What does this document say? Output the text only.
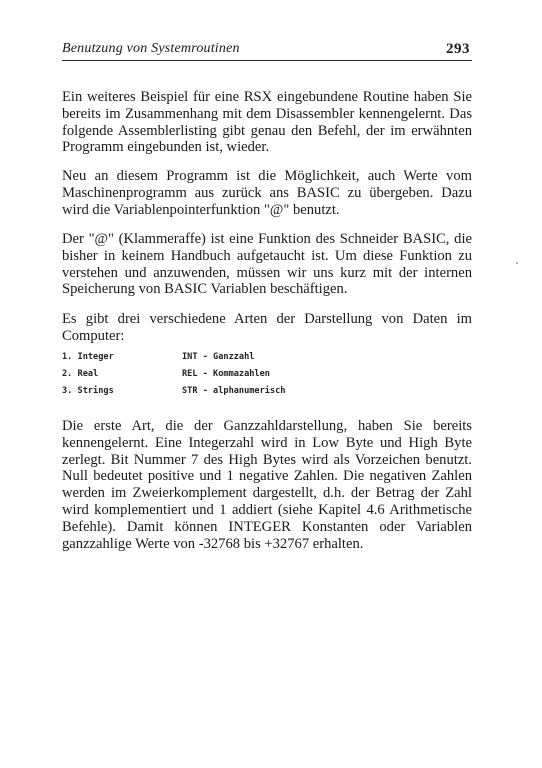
Benutzung von Systemroutinen	293

Ein weiteres Beispiel für eine RSX eingebundene Routine haben Sie bereits im Zusammenhang mit dem Disassembler kennengelernt. Das folgende Assemblerlisting gibt genau den Befehl, der im erwähnten Programm eingebunden ist, wieder.

Neu an diesem Programm ist die Möglichkeit, auch Werte vom Maschinenprogramm aus zurück ans BASIC zu übergeben. Dazu wird die Variablenpointerfunktion "@" benutzt.

Der "@" (Klammeraffe) ist eine Funktion des Schneider BASIC, die bisher in keinem Handbuch aufgetaucht ist. Um diese Funktion zu verstehen und anzuwenden, müssen wir uns kurz mit der internen Speicherung von BASIC Variablen beschäftigen.

Es gibt drei verschiedene Arten der Darstellung von Daten im Computer:

1. Integer	INT - Ganzzahl
2. Real	REL - Kommazahlen
3. Strings	STR - alphanumerisch

Die erste Art, die der Ganzzahldarstellung, haben Sie bereits kennengelernt. Eine Integerzahl wird in Low Byte und High Byte zerlegt. Bit Nummer 7 des High Bytes wird als Vorzeichen benutzt. Null bedeutet positive und 1 negative Zahlen. Die negativen Zahlen werden im Zweierkomplement dargestellt, d.h. der Betrag der Zahl wird komplementiert und 1 addiert (siehe Kapitel 4.6 Arithmetische Befehle). Damit können INTEGER Konstanten oder Variablen ganzzahlige Werte von -32768 bis +32767 erhalten.
